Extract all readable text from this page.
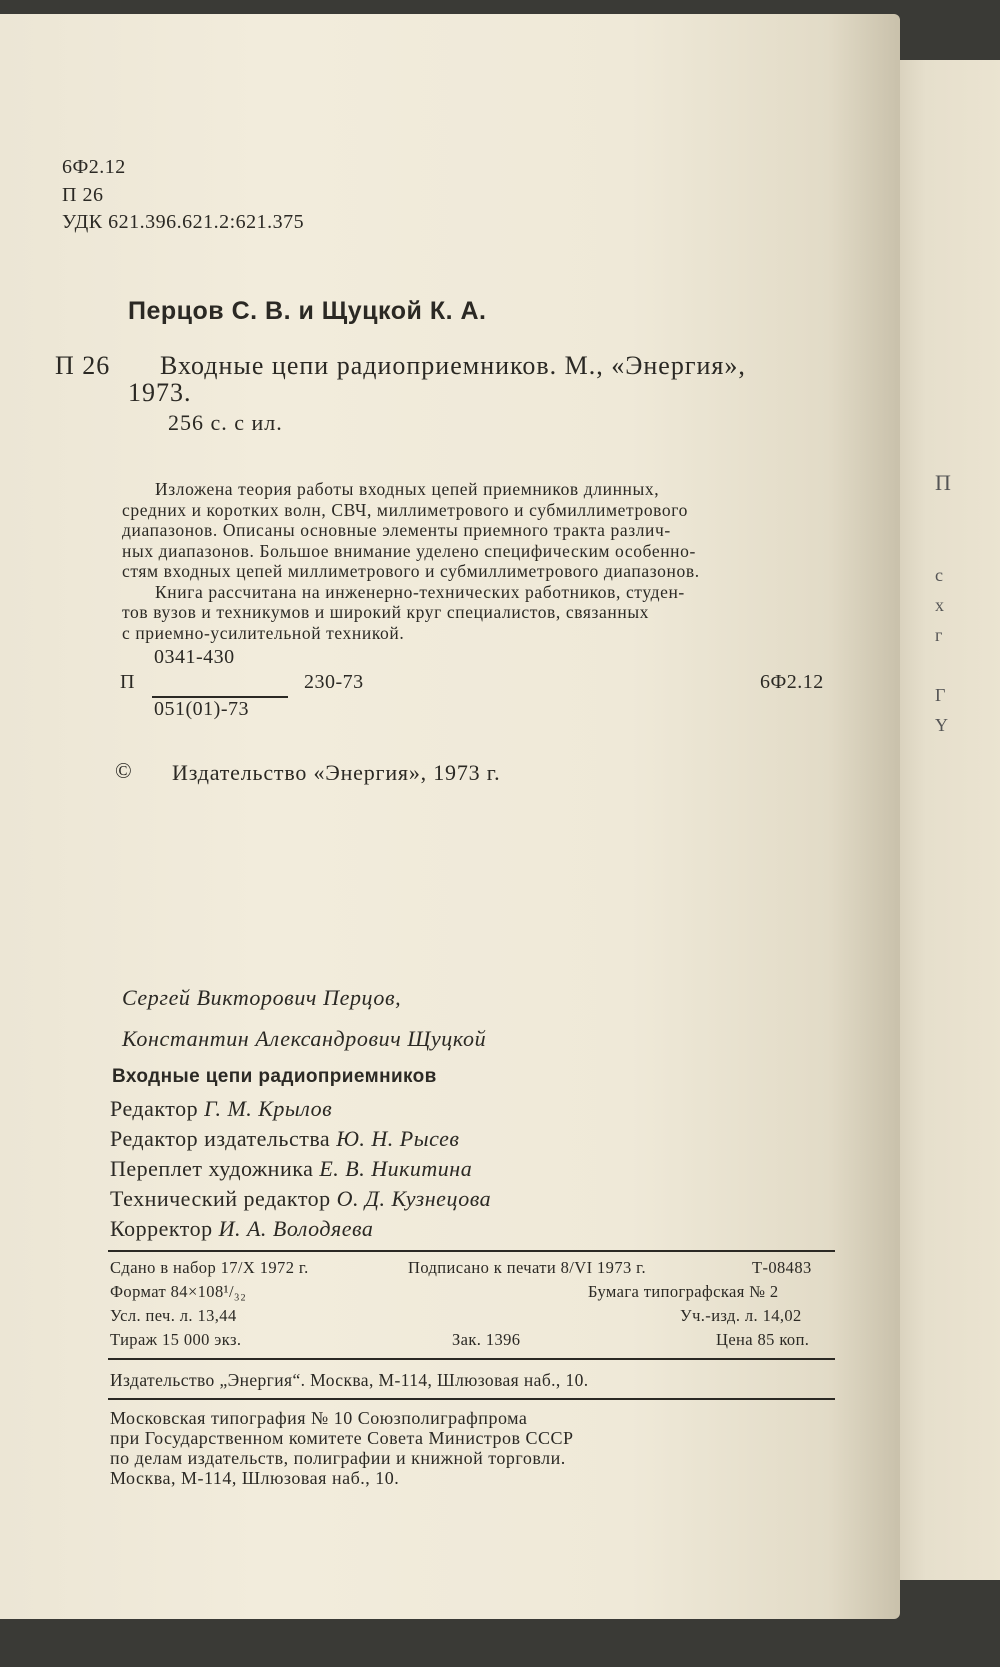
П
с
х
г
Г
Y
6Ф2.12
П 26
УДК 621.396.621.2:621.375
Перцов С. В. и Щуцкой К. А.
П 26 Входные цепи радиоприемников. М., «Энергия»,
1973.
256 с. с ил.
Изложена теория работы входных цепей приемников длинных,
средних и коротких волн, СВЧ, миллиметрового и субмиллиметрового
диапазонов. Описаны основные элементы приемного тракта различ-
ных диапазонов. Большое внимание уделено специфическим особенно-
стям входных цепей миллиметрового и субмиллиметрового диапазонов.
Книга рассчитана на инженерно-технических работников, студен-
тов вузов и техникумов и широкий круг специалистов, связанных
с приемно-усилительной техникой.
П
0341-430
051(01)-73
230-73	6Ф2.12
© Издательство «Энергия», 1973 г.
Сергей Викторович Перцов,
Константин Александрович Щуцкой
Входные цепи радиоприемников
Редактор Г. М. Крылов
Редактор издательства Ю. Н. Рысев
Переплет художника Е. В. Никитина
Технический редактор О. Д. Кузнецова
Корректор И. А. Володяева
Сдано в набор 17/X 1972 г.	Подписано к печати 8/VI 1973 г.	Т-08483
Формат 84×108¹/₃₂	Бумага типографская № 2
Усл. печ. л. 13,44	Уч.-изд. л. 14,02
Тираж 15 000 экз.	Зак. 1396	Цена 85 коп.
Издательство „Энергия“. Москва, М-114, Шлюзовая наб., 10.
Московская типография № 10 Союзполиграфпрома
при Государственном комитете Совета Министров СССР
по делам издательств, полиграфии и книжной торговли.
Москва, М-114, Шлюзовая наб., 10.
